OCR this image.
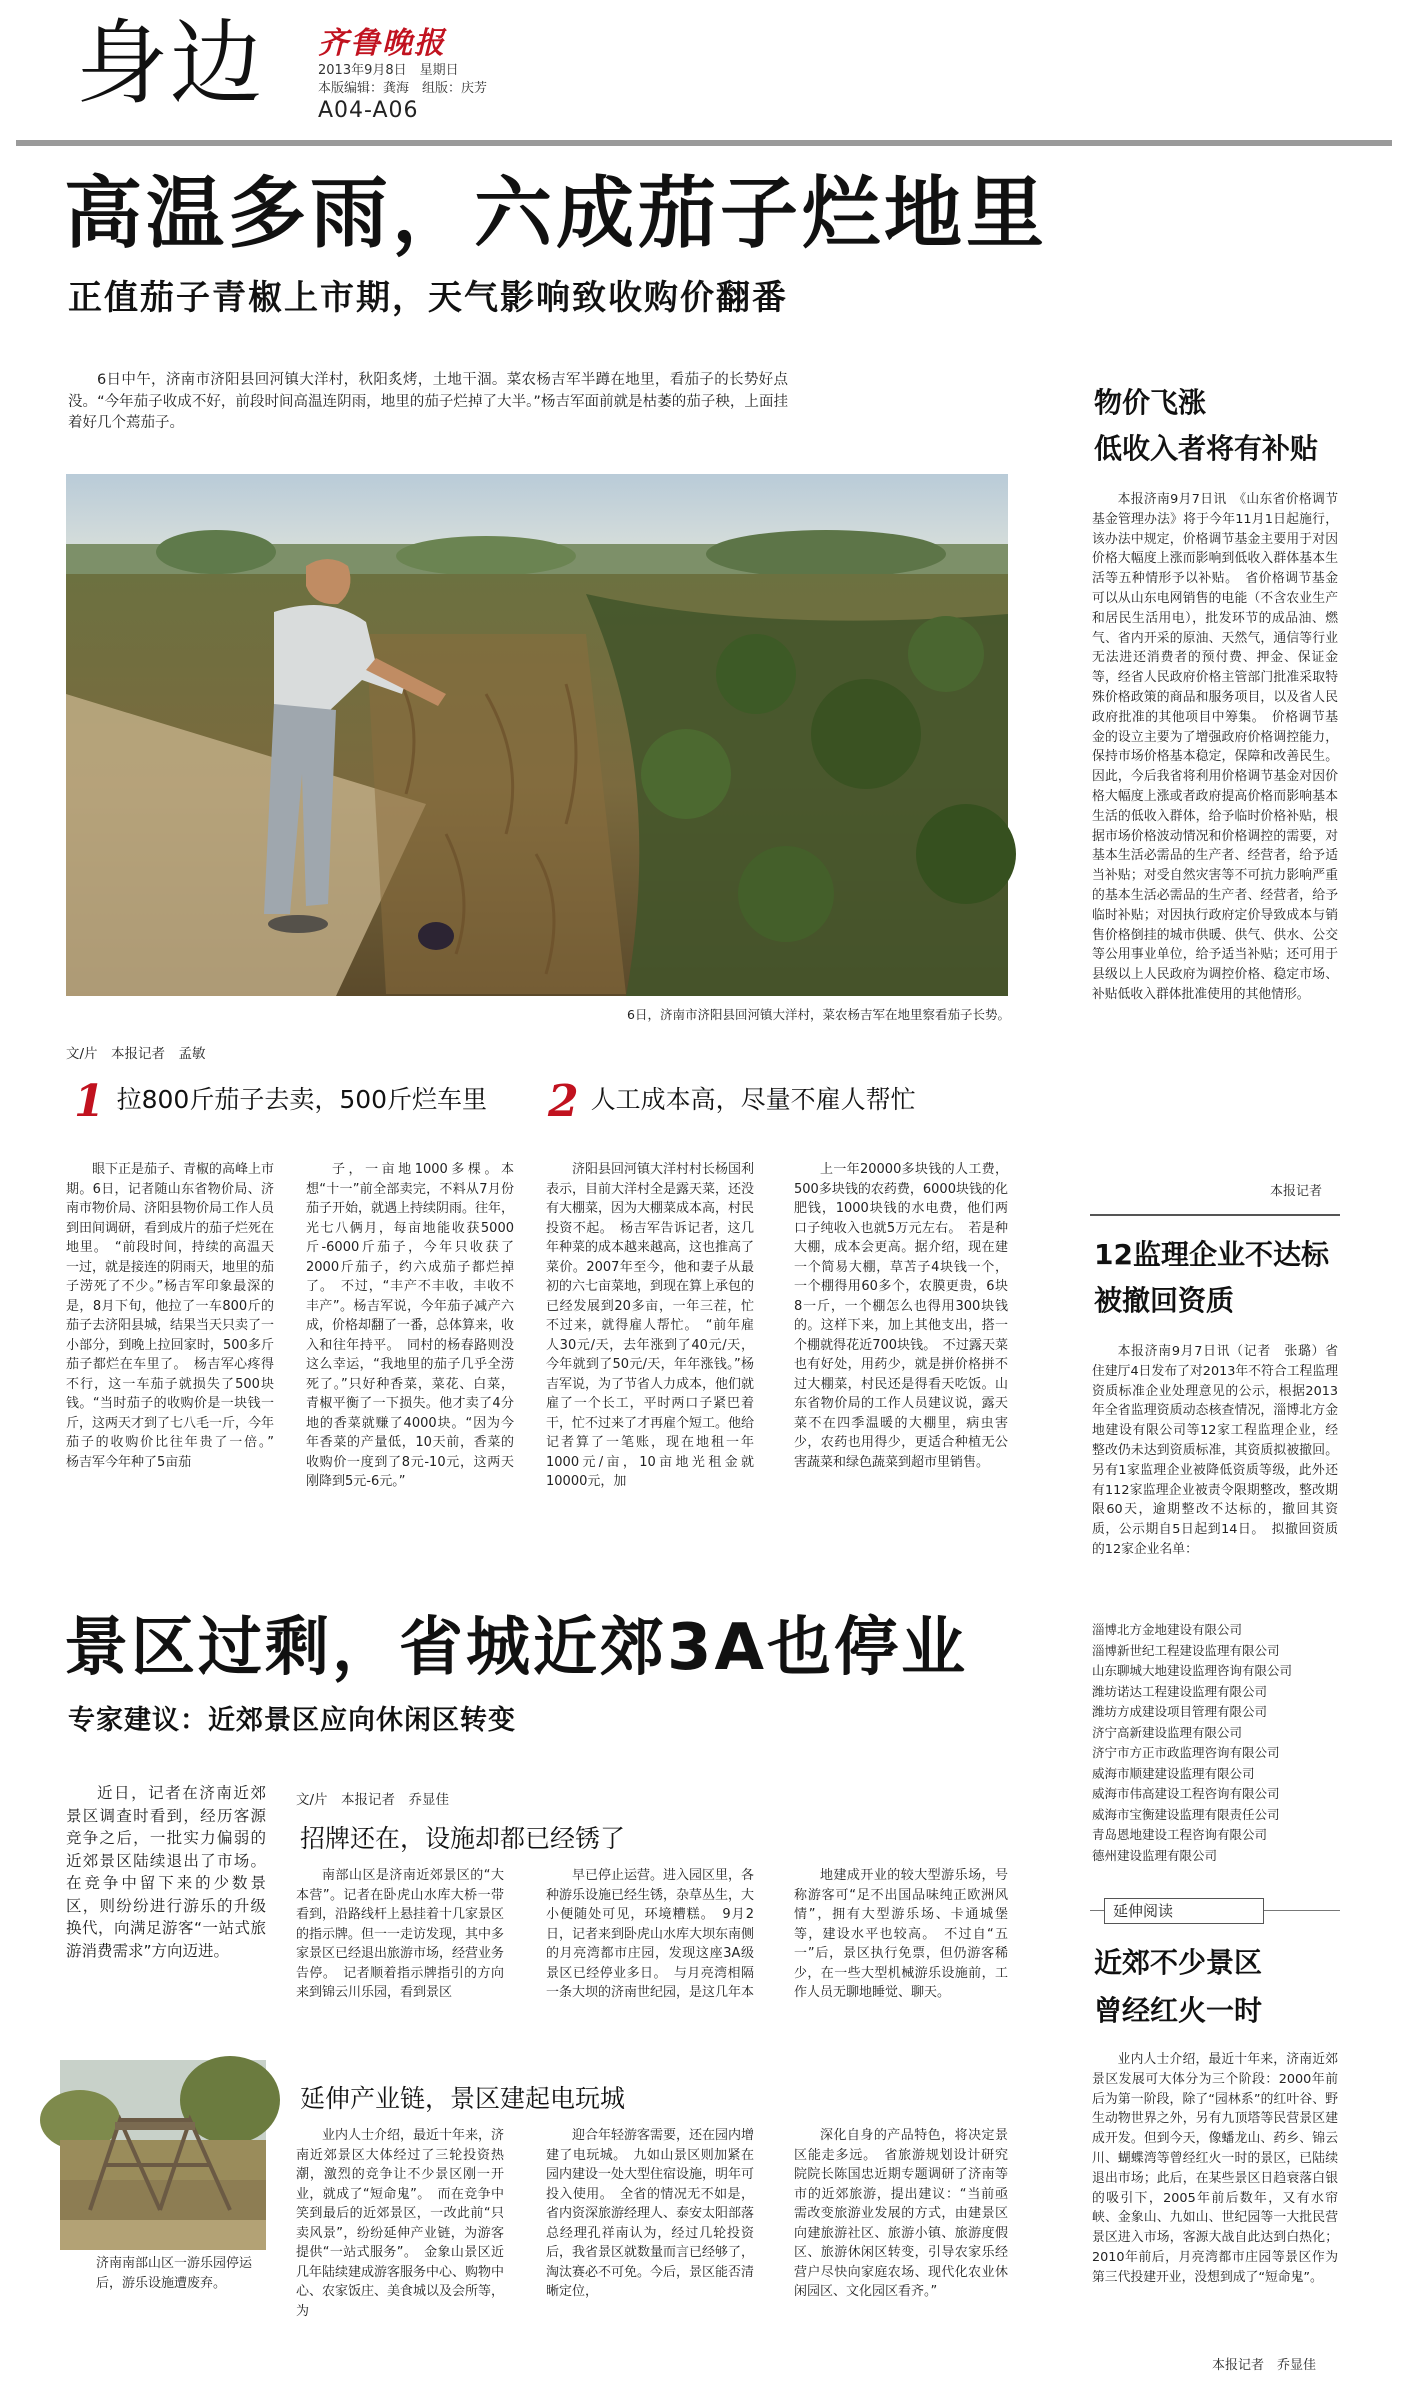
身边 齐鲁晚报
2013年9月8日　星期日
本版编辑：龚海　组版：庆芳
A04-A06
高温多雨，六成茄子烂地里
正值茄子青椒上市期，天气影响致收购价翻番

6日中午，济南市济阳县回河镇大洋村，秋阳炙烤，土地干涸。菜农杨吉军半蹲在地里，看茄子的长势好点没。“今年茄子收成不好，前段时间高温连阴雨，地里的茄子烂掉了大半。”杨吉军面前就是枯萎的茄子秧，上面挂着好几个蔫茄子。

6日，济南市济阳县回河镇大洋村，菜农杨吉军在地里察看茄子长势。

文/片　本报记者　孟敏
1 拉800斤茄子去卖，500斤烂车里 2 人工成本高，尽量不雇人帮忙

眼下正是茄子、青椒的高峰上市期。6日，记者随山东省物价局、济南市物价局、济阳县物价局工作人员到田间调研，看到成片的茄子烂死在地里。　“前段时间，持续的高温天一过，就是接连的阴雨天，地里的茄子涝死了不少。”杨吉军印象最深的是，8月下旬，他拉了一车800斤的茄子去济阳县城，结果当天只卖了一小部分，到晚上拉回家时，500多斤茄子都烂在车里了。　杨吉军心疼得不行，这一车茄子就损失了500块钱。“当时茄子的收购价是一块钱一斤，这两天才到了七八毛一斤，今年茄子的收购价比往年贵了一倍。”　杨吉军今年种了5亩茄

子，一亩地1000多棵。本想“十一”前全部卖完，不料从7月份茄子开始，就遇上持续阴雨。往年，光七八俩月，每亩地能收获5000斤-6000斤茄子，今年只收获了2000斤茄子，约六成茄子都烂掉了。　不过，“丰产不丰收，丰收不丰产”。杨吉军说，今年茄子减产六成，价格却翻了一番，总体算来，收入和往年持平。　同村的杨春路则没这么幸运，“我地里的茄子几乎全涝死了。”只好种香菜，菜花、白菜，青椒平衡了一下损失。他才卖了4分地的香菜就赚了4000块。“因为今年香菜的产量低，10天前，香菜的收购价一度到了8元-10元，这两天刚降到5元-6元。”

济阳县回河镇大洋村村长杨国利表示，目前大洋村全是露天菜，还没有大棚菜，因为大棚菜成本高，村民投资不起。　杨吉军告诉记者，这几年种菜的成本越来越高，这也推高了菜价。2007年至今，他和妻子从最初的六七亩菜地，到现在算上承包的已经发展到20多亩，一年三茬，忙不过来，就得雇人帮忙。　“前年雇人30元/天，去年涨到了40元/天，今年就到了50元/天，年年涨钱。”杨吉军说，为了节省人力成本，他们就雇了一个长工，平时两口子紧巴着干，忙不过来了才再雇个短工。他给记者算了一笔账，现在地租一年1000元/亩，10亩地光租金就10000元，加

上一年20000多块钱的人工费，500多块钱的农药费，6000块钱的化肥钱，1000块钱的水电费，他们两口子纯收入也就5万元左右。　若是种大棚，成本会更高。据介绍，现在建一个简易大棚，草苫子4块钱一个，一个棚得用60多个，农膜更贵，6块8一斤，一个棚怎么也得用300块钱的。这样下来，加上其他支出，搭一个棚就得花近700块钱。　不过露天菜也有好处，用药少，就是拼价格拼不过大棚菜，村民还是得看天吃饭。山东省物价局的工作人员建议说，露天菜不在四季温暖的大棚里，病虫害少，农药也用得少，更适合种植无公害蔬菜和绿色蔬菜到超市里销售。

景区过剩，省城近郊3A也停业
专家建议：近郊景区应向休闲区转变

近日，记者在济南近郊景区调查时看到，经历客源竞争之后，一批实力偏弱的近郊景区陆续退出了市场。在竞争中留下来的少数景区，则纷纷进行游乐的升级换代，向满足游客“一站式旅游消费需求”方向迈进。

济南南部山区一游乐园停运后，游乐设施遭废弃。

文/片　本报记者　乔显佳
招牌还在，设施却都已经锈了

南部山区是济南近郊景区的“大本营”。记者在卧虎山水库大桥一带看到，沿路线杆上悬挂着十几家景区的指示牌。但一一走访发现，其中多家景区已经退出旅游市场，经营业务告停。　记者顺着指示牌指引的方向来到锦云川乐园，看到景区

早已停止运营。进入园区里，各种游乐设施已经生锈，杂草丛生，大小便随处可见，环境糟糕。　9月2日，记者来到卧虎山水库大坝东南侧的月亮湾都市庄园，发现这座3A级景区已经停业多日。　与月亮湾相隔一条大坝的济南世纪园，是这几年本

地建成开业的较大型游乐场，号称游客可“足不出国品味纯正欧洲风情”，拥有大型游乐场、卡通城堡等，建设水平也较高。　不过自“五一”后，景区执行免票，但仍游客稀少，在一些大型机械游乐设施前，工作人员无聊地睡觉、聊天。

延伸产业链，景区建起电玩城

业内人士介绍，最近十年来，济南近郊景区大体经过了三轮投资热潮，激烈的竞争让不少景区刚一开业，就成了“短命鬼”。　而在竞争中笑到最后的近郊景区，一改此前“只卖风景”，纷纷延伸产业链，为游客提供“一站式服务”。　金象山景区近几年陆续建成游客服务中心、购物中心、农家饭庄、美食城以及会所等，为

迎合年轻游客需要，还在园内增建了电玩城。　九如山景区则加紧在园内建设一处大型住宿设施，明年可投入使用。　全省的情况无不如是，省内资深旅游经理人、泰安太阳部落总经理孔祥南认为，经过几轮投资后，我省景区就数量而言已经够了，淘汰赛必不可免。今后，景区能否清晰定位，

深化自身的产品特色，将决定景区能走多远。　省旅游规划设计研究院院长陈国忠近期专题调研了济南等市的近郊旅游，提出建议：“当前亟需改变旅游业发展的方式，由建景区向建旅游社区、旅游小镇、旅游度假区、旅游休闲区转变，引导农家乐经营户尽快向家庭农场、现代化农业休闲园区、文化园区看齐。”

物价飞涨
低收入者将有补贴

本报济南9月7日讯　《山东省价格调节基金管理办法》将于今年11月1日起施行，该办法中规定，价格调节基金主要用于对因价格大幅度上涨而影响到低收入群体基本生活等五种情形予以补贴。　省价格调节基金可以从山东电网销售的电能（不含农业生产和居民生活用电），批发环节的成品油、燃气、省内开采的原油、天然气，通信等行业无法进还消费者的预付费、押金、保证金等，经省人民政府价格主管部门批准采取特殊价格政策的商品和服务项目，以及省人民政府批准的其他项目中筹集。　价格调节基金的设立主要为了增强政府价格调控能力，保持市场价格基本稳定，保障和改善民生。因此，今后我省将利用价格调节基金对因价格大幅度上涨或者政府提高价格而影响基本生活的低收入群体，给予临时价格补贴，根据市场价格波动情况和价格调控的需要，对基本生活必需品的生产者、经营者，给予适当补贴；对受自然灾害等不可抗力影响严重的基本生活必需品的生产者、经营者，给予临时补贴；对因执行政府定价导致成本与销售价格倒挂的城市供暖、供气、供水、公交等公用事业单位，给予适当补贴；还可用于县级以上人民政府为调控价格、稳定市场、补贴低收入群体批准使用的其他情形。

本报记者
12监理企业不达标
被撤回资质

本报济南9月7日讯（记者　张璐）省住建厅4日发布了对2013年不符合工程监理资质标准企业处理意见的公示，根据2013年全省监理资质动态核查情况，淄博北方金地建设有限公司等12家工程监理企业，经整改仍未达到资质标准，其资质拟被撤回。另有1家监理企业被降低资质等级，此外还有112家监理企业被责令限期整改，整改期限60天，逾期整改不达标的，撤回其资质，公示期自5日起到14日。　拟撤回资质的12家企业名单：

淄博北方金地建设有限公司
淄博新世纪工程建设监理有限公司
山东聊城大地建设监理咨询有限公司
潍坊诺达工程建设监理有限公司
潍坊方成建设项目管理有限公司
济宁高新建设监理有限公司
济宁市方正市政监理咨询有限公司
威海市顺建建设监理有限公司
威海市伟高建设工程咨询有限公司
威海市宝衡建设监理有限责任公司
青岛恩地建设工程咨询有限公司
德州建设监理有限公司
延伸阅读
近郊不少景区
曾经红火一时

业内人士介绍，最近十年来，济南近郊景区发展可大体分为三个阶段：2000年前后为第一阶段，除了“园林系”的红叶谷、野生动物世界之外，另有九顶塔等民营景区建成开发。但到今天，像蟠龙山、药乡、锦云川、蝴蝶湾等曾经红火一时的景区，已陆续退出市场；此后，在某些景区日趋衰落白银的吸引下，2005年前后数年，又有水帘峡、金象山、九如山、世纪园等一大批民营景区进入市场，客源大战自此达到白热化；2010年前后，月亮湾都市庄园等景区作为第三代投建开业，没想到成了“短命鬼”。

本报记者　乔显佳
